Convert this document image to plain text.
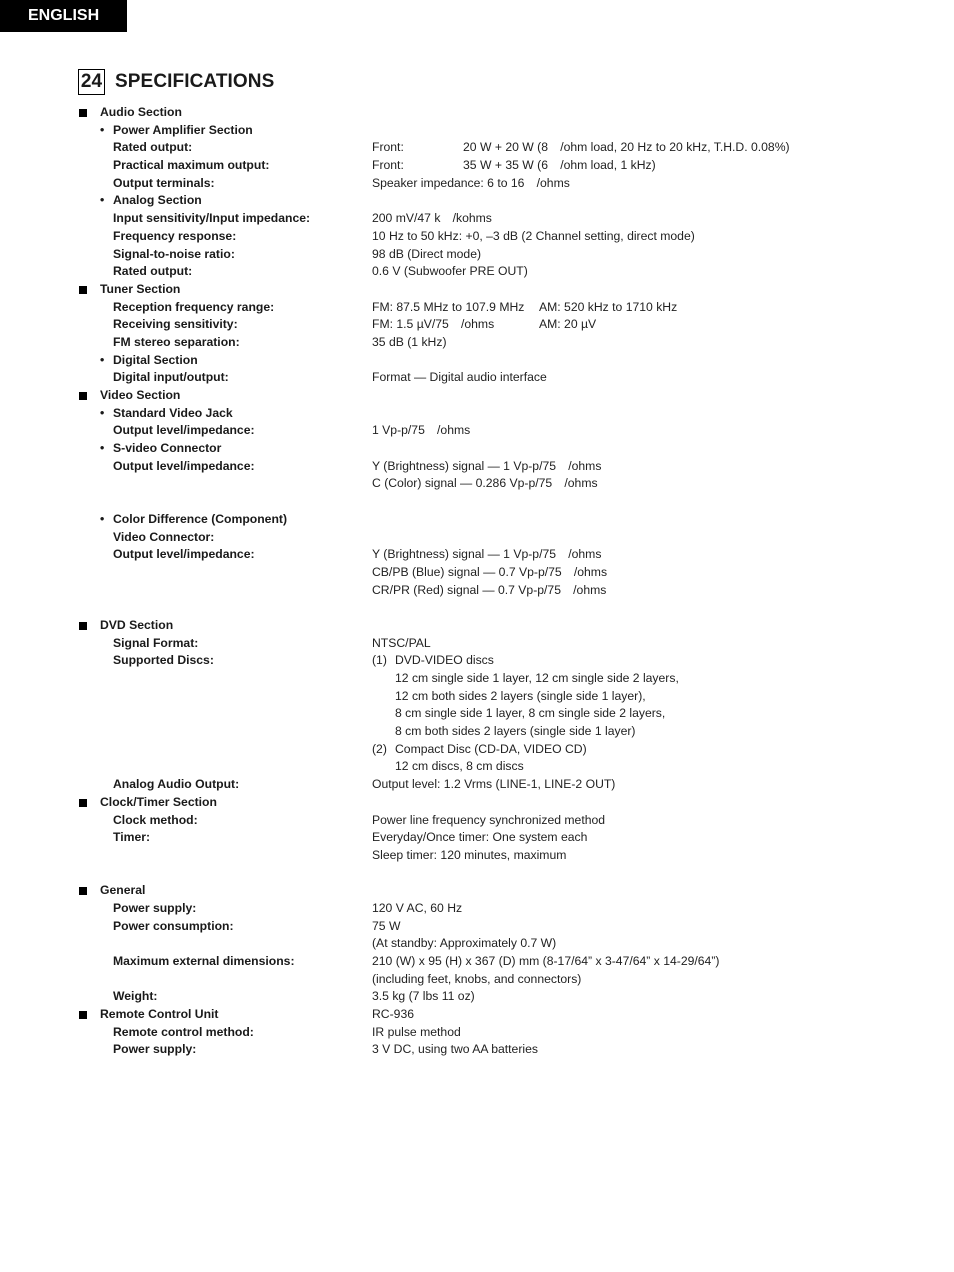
ENGLISH
24 SPECIFICATIONS
Audio Section
• Power Amplifier Section
Rated output:	Front:	20 W + 20 W (8 /ohm load, 20 Hz to 20 kHz, T.H.D. 0.08%)
Practical maximum output:	Front:	35 W + 35 W (6 /ohm load, 1 kHz)
Output terminals:	Speaker impedance: 6 to 16 /ohms
• Analog Section
Input sensitivity/Input impedance:	200 mV/47 k /kohms
Frequency response:	10 Hz to 50 kHz: +0, –3 dB (2 Channel setting, direct mode)
Signal-to-noise ratio:	98 dB (Direct mode)
Rated output:	0.6 V (Subwoofer PRE OUT)
Tuner Section
Reception frequency range:	FM: 87.5 MHz to 107.9 MHz AM: 520 kHz to 1710 kHz
Receiving sensitivity:	FM: 1.5 µV/75 /ohms	AM: 20 µV
FM stereo separation:	35 dB (1 kHz)
• Digital Section
Digital input/output:	Format — Digital audio interface
Video Section
• Standard Video Jack
Output level/impedance:	1 Vp-p/75 /ohms
• S-video Connector
Output level/impedance:	Y (Brightness) signal — 1 Vp-p/75 /ohms
C (Color) signal — 0.286 Vp-p/75 /ohms
• Color Difference (Component)
Video Connector:
Output level/impedance:	Y (Brightness) signal — 1 Vp-p/75 /ohms
CB/PB (Blue) signal — 0.7 Vp-p/75 /ohms
CR/PR (Red) signal — 0.7 Vp-p/75 /ohms
DVD Section
Signal Format:	NTSC/PAL
Supported Discs:	(1) DVD-VIDEO discs
12 cm single side 1 layer, 12 cm single side 2 layers,
12 cm both sides 2 layers (single side 1 layer),
8 cm single side 1 layer, 8 cm single side 2 layers,
8 cm both sides 2 layers (single side 1 layer)
(2) Compact Disc (CD-DA, VIDEO CD)
12 cm discs, 8 cm discs
Analog Audio Output:	Output level: 1.2 Vrms (LINE-1, LINE-2 OUT)
Clock/Timer Section
Clock method:	Power line frequency synchronized method
Timer:	Everyday/Once timer: One system each
Sleep timer: 120 minutes, maximum
General
Power supply:	120 V AC, 60 Hz
Power consumption:	75 W
(At standby: Approximately 0.7 W)
Maximum external dimensions:	210 (W) x 95 (H) x 367 (D) mm (8-17/64” x 3-47/64” x 14-29/64”)
(including feet, knobs, and connectors)
Weight:	3.5 kg (7 lbs 11 oz)
Remote Control Unit	RC-936
Remote control method:	IR pulse method
Power supply:	3 V DC, using two AA batteries
